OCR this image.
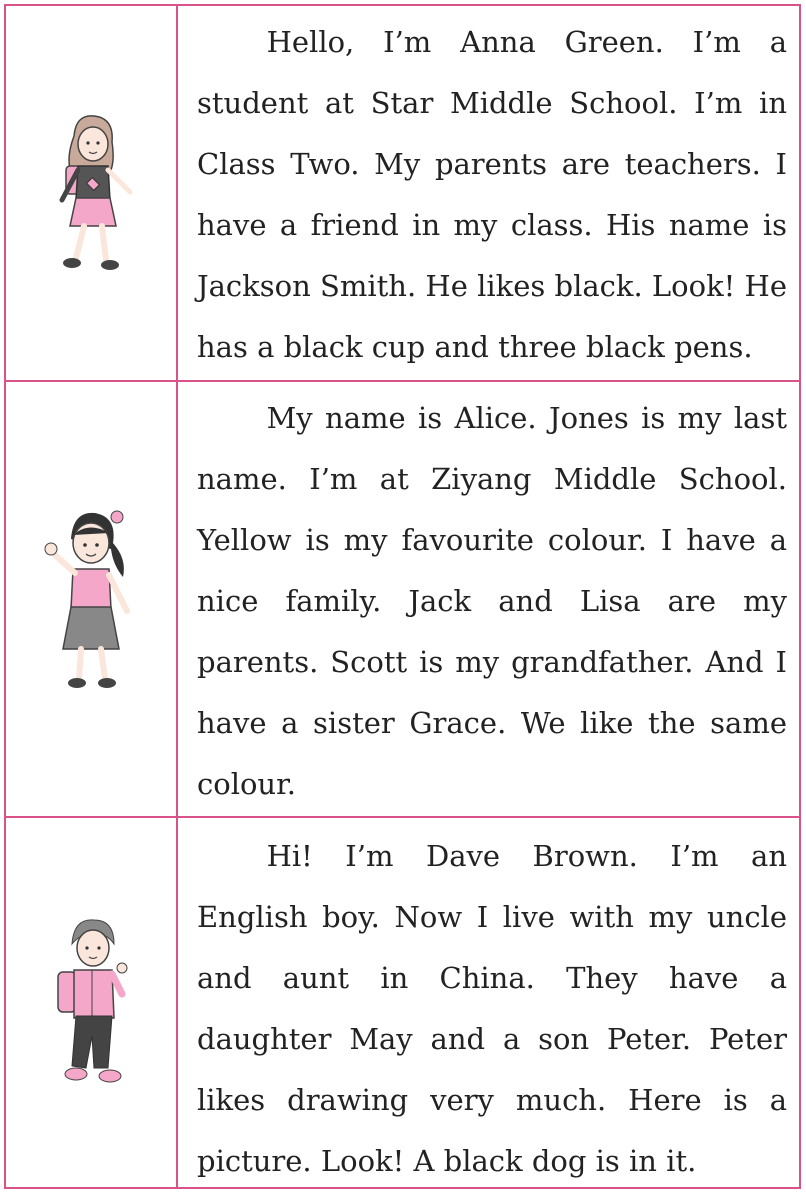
Hello, I’m Anna Green. I’m a student at Star Middle School. I’m in Class Two. My parents are teachers. I have a friend in my class. His name is Jackson Smith. He likes black. Look! He has a black cup and three black pens.

My name is Alice. Jones is my last name. I’m at Ziyang Middle School. Yellow is my favourite colour. I have a nice family. Jack and Lisa are my parents. Scott is my grandfather. And I have a sister Grace. We like the same colour.

Hi! I’m Dave Brown. I’m an English boy. Now I live with my uncle and aunt in China. They have a daughter May and a son Peter. Peter likes drawing very much. Here is a picture. Look! A black dog is in it.
